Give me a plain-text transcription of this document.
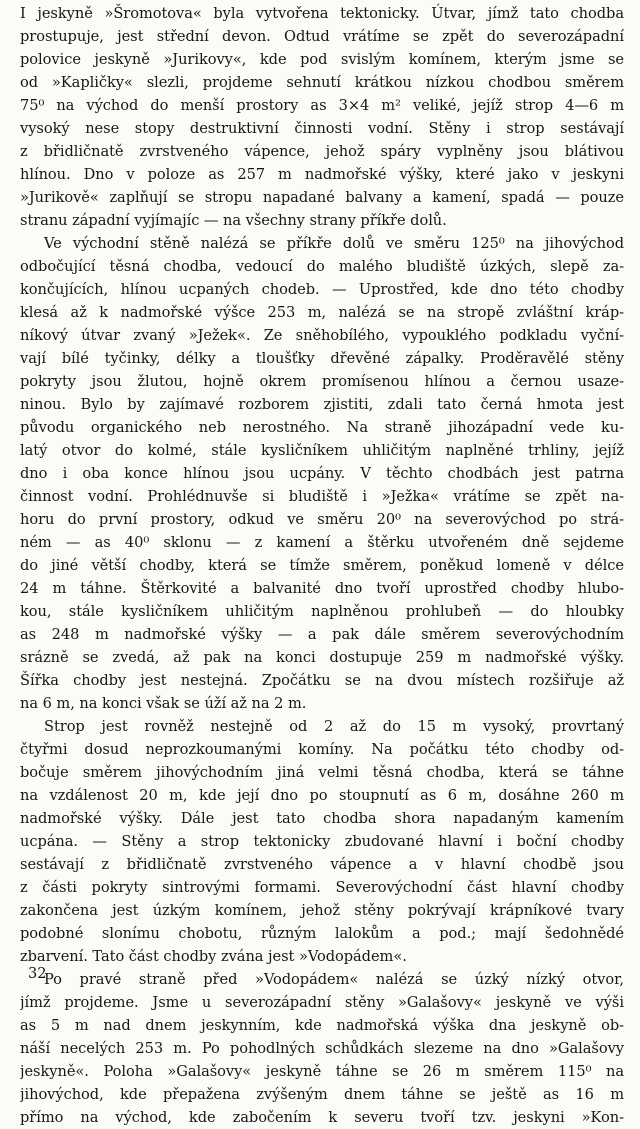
I jeskyně »Šromotova« byla vytvořena tektonicky. Útvar, jímž tato chodba
prostupuje, jest střední devon. Odtud vrátíme se zpět do severozápadní
polovice jeskyně »Jurikovy«, kde pod svislým komínem, kterým jsme se
od »Kapličky« slezli, projdeme sehnutí krátkou nízkou chodbou směrem
75⁰ na východ do menší prostory as 3×4 m² veliké, jejíž strop 4—6 m
vysoký nese stopy destruktivní činnosti vodní. Stěny i strop sestávají
z břidličnatě zvrstveného vápence, jehož spáry vyplněny jsou blátivou
hlínou. Dno v poloze as 257 m nadmořské výšky, které jako v jeskyni
»Jurikově« zaplňují se stropu napadané balvany a kamení, spadá — pouze
stranu západní vyjímajíc — na všechny strany příkře dolů.
Ve východní stěně nalézá se příkře dolů ve směru 125⁰ na jihovýchod
odbočující těsná chodba, vedoucí do malého bludiště úzkých, slepě za-
končujících, hlínou ucpaných chodeb. — Uprostřed, kde dno této chodby
klesá až k nadmořské výšce 253 m, nalézá se na stropě zvláštní kráp-
níkový útvar zvaný »Ježek«. Ze sněhobílého, vypouklého podkladu vyční-
vají bílé tyčinky, délky a tloušťky dřevěné zápalky. Proděravělé stěny
pokryty jsou žlutou, hojně okrem promísenou hlínou a černou usaze-
ninou. Bylo by zajímavé rozborem zjistiti, zdali tato černá hmota jest
původu organického neb nerostného. Na straně jihozápadní vede ku-
latý otvor do kolmé, stále kysličníkem uhličitým naplněné trhliny, jejíž
dno i oba konce hlínou jsou ucpány. V těchto chodbách jest patrna
činnost vodní. Prohlédnuvše si bludiště i »Ježka« vrátíme se zpět na-
horu do první prostory, odkud ve směru 20⁰ na severovýchod po strá-
ném — as 40⁰ sklonu — z kamení a štěrku utvořeném dně sejdeme
do jiné větší chodby, která se tímže směrem, poněkud lomeně v délce
24 m táhne. Štěrkovité a balvanité dno tvoří uprostřed chodby hlubo-
kou, stále kysličníkem uhličitým naplněnou prohlubeň — do hloubky
as 248 m nadmořské výšky — a pak dále směrem severovýchodním
srázně se zvedá, až pak na konci dostupuje 259 m nadmořské výšky.
Šířka chodby jest nestejná. Zpočátku se na dvou místech rozšiřuje až
na 6 m, na konci však se úží až na 2 m.
Strop jest rovněž nestejně od 2 až do 15 m vysoký, provrtaný
čtyřmi dosud neprozkoumanými komíny. Na počátku této chodby od-
bočuje směrem jihovýchodním jiná velmi těsná chodba, která se táhne
na vzdálenost 20 m, kde její dno po stoupnutí as 6 m, dosáhne 260 m
nadmořské výšky. Dále jest tato chodba shora napadaným kamením
ucpána. — Stěny a strop tektonicky zbudované hlavní i boční chodby
sestávají z břidličnatě zvrstveného vápence a v hlavní chodbě jsou
z části pokryty sintrovými formami. Severovýchodní část hlavní chodby
zakončena jest úzkým komínem, jehož stěny pokrývají krápníkové tvary
podobné slonímu chobotu, různým lalokům a pod.; mají šedohnědé
zbarvení. Tato část chodby zvána jest »Vodopádem«.
Po pravé straně před »Vodopádem« nalézá se úzký nízký otvor,
jímž projdeme. Jsme u severozápadní stěny »Galašovy« jeskyně ve výši
as 5 m nad dnem jeskynním, kde nadmořská výška dna jeskyně ob-
náší necelých 253 m. Po pohodlných schůdkách slezeme na dno »Galašovy
jeskyně«. Poloha »Galašovy« jeskyně táhne se 26 m směrem 115⁰ na
jihovýchod, kde přepažena zvýšeným dnem táhne se ještě as 16 m
přímo na východ, kde zabočením k severu tvoří tzv. jeskyni »Kon-
32
